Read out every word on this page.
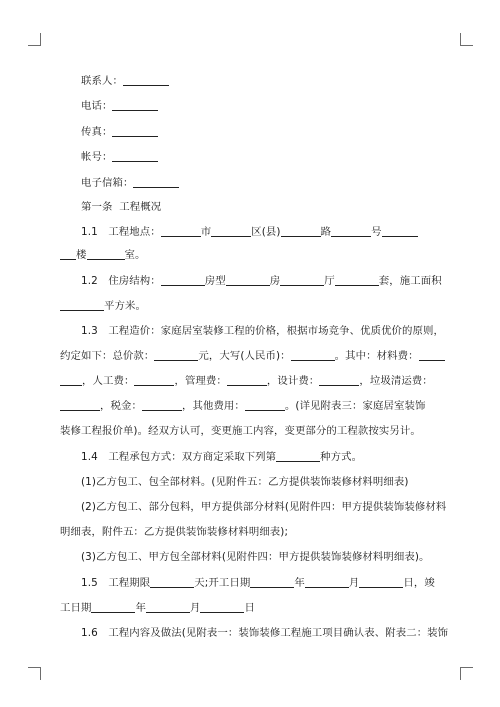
联系人：
电话：
传真：
帐号：
电子信箱：
第一条 工程概况
1.1　工程地点：	市	区(县)	路	号
楼	室。
1.2　住房结构：	房型	房	厅	套，施工面积
平方米。
1.3　工程造价：家庭居室装修工程的价格，根据市场竞争、优质优价的原则，
约定如下：总价款：	元，大写(人民币)：	。其中：材料费：
，人工费：	，管理费：	，设计费：	，垃圾清运费：
，税金：	，其他费用：	。(详见附表三：家庭居室装饰
装修工程报价单)。经双方认可，变更施工内容，变更部分的工程款按实另计。
1.4　工程承包方式：双方商定采取下列第	种方式。
(1)乙方包工、包全部材料。(见附件五：乙方提供装饰装修材料明细表)
(2)乙方包工、部分包料，甲方提供部分材料(见附件四：甲方提供装饰装修材料
明细表，附件五：乙方提供装饰装修材料明细表);
(3)乙方包工、甲方包全部材料(见附件四：甲方提供装饰装修材料明细表)。
1.5　工程期限	天;开工日期	年	月	日，竣
工日期	年	月	日
1.6　工程内容及做法(见附表一：装饰装修工程施工项目确认表、附表二：装饰
